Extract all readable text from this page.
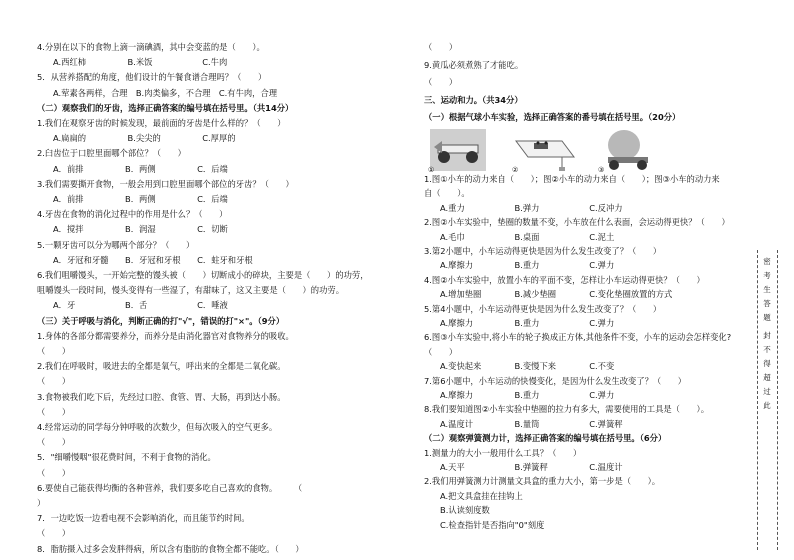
4.分别在以下的食物上滴一滴碘酒，其中会变蓝的是（　　）。
A.西红柿　　　　　B.米饭　　　　　　C.牛肉
5．从营养搭配的角度，他们设计的午餐食谱合理吗？（　　）
A.荤素各两样，合理　B.肉类偏多，不合理　C.有牛肉，合理
（二）观察我们的牙齿，选择正确答案的编号填在括号里。（共14分）
1.我们在观察牙齿的时候发现，最前面的牙齿是什么样的？（　　）
A.扁扁的　　　　　B.尖尖的　　　　　C.厚厚的
2.臼齿位于口腔里面哪个部位？（　　）
A．前排　　　　　B．两侧　　　　　C．后端
3.我们需要撕开食物，一般会用到口腔里面哪个部位的牙齿？（　　）
A．前排　　　　　B．两侧　　　　　C．后端
4.牙齿在食物的消化过程中的作用是什么？（　　）
A．搅拌　　　　　B．润湿　　　　　C．切断
5.一颗牙齿可以分为哪两个部分？（　　）
A．牙冠和牙髓　　B．牙冠和牙根　　C．蛀牙和牙根
6.我们咀嚼馒头，一开始完整的馒头被（　　）切断成小的碎块，主要是（　　）的功劳，
咀嚼馒头一段时间，慢头变得有一些湿了，有甜味了，这又主要是（　　）的功劳。
A．牙　　　　　　B．舌　　　　　　C．唾液
（三）关于呼吸与消化，判断正确的打"√"，错误的打"×"。（9分）
1.身体的各部分都需要养分，而养分是由消化器官对食物养分的吸收。
（　　）
2.我们在呼吸时，吸进去的全都是氧气，呼出来的全都是二氧化碳。
（　　）
3.食物被我们吃下后，先经过口腔、食管、胃、大肠，再到达小肠。
（　　）
4.经常运动的同学每分钟呼吸的次数少，但每次吸入的空气更多。
（　　）
5．"细嚼慢咽"很花费时间，不利于食物的消化。
（　　）
6.要使自己能获得均衡的各种营养，我们要多吃自己喜欢的食物。　　　（
）
7．一边吃饭一边看电视不会影响消化，而且能节约时间。
（　　）
8．脂肪摄入过多会发胖得病，所以含有脂肪的食物全都不能吃。（　　）
（　　）
9.黄瓜必须煮熟了才能吃。
（　　）
三、运动和力。（共34分）
（一）根据气球小车实验，选择正确答案的番号填在括号里。（20分）
1.图①小车的动力来自（　　）；图②小车的动力来自（　　）；图③小车的动力来
自（　　）。
A.重力　　　　　　B.弹力　　　　　　C.反冲力
2.图②小车实验中，垫圈的数量不变，小车放在什么表面，会运动得更快？（　　）
A.毛巾　　　　　　B.桌面　　　　　　C.泥土
3.第2小题中，小车运动得更快是因为什么发生改变了？（　　）
A.摩擦力　　　　　B.重力　　　　　　C.弹力
4.图②小车实验中，放置小车的平面不变，怎样让小车运动得更快？（　　）
A.增加垫圈　　　　B.减少垫圈　　　　C.变化垫圈放置的方式
5.第4小题中，小车运动得更快是因为什么发生改变了？（　　）
A.摩擦力　　　　　B.重力　　　　　　C.弹力
6.图③小车实验中,将小车的轮子换成正方体,其他条件不变，小车的运动会怎样变化?
（　　）
A.变快起来　　　　B.变慢下来　　　　C.不变
7.第6小题中，小车运动的快慢变化，是因为什么发生改变了？（　　）
A.摩擦力　　　　　B.重力　　　　　　C.弹力
8.我们要知道图②小车实验中垫圈的拉力有多大，需要使用的工具是（　　）。
A.温度计　　　　　B.量筒　　　　　　C.弹簧秤
（二）观察弹簧测力计，选择正确答案的编号填在括号里。（6分）
1.测量力的大小一般用什么工具？（　　）
A.天平　　　　　　B.弹簧秤　　　　　C.温度计
2.我们用弹簧测力计测量文具盒的重力大小，第一步是（　　）。
A.把文具盒挂在挂钩上
B.认读刻度数
C.检查指针是否指向"0"刻度
①	②	③
密
考
生
答
题
封
不
得
超
过
此
